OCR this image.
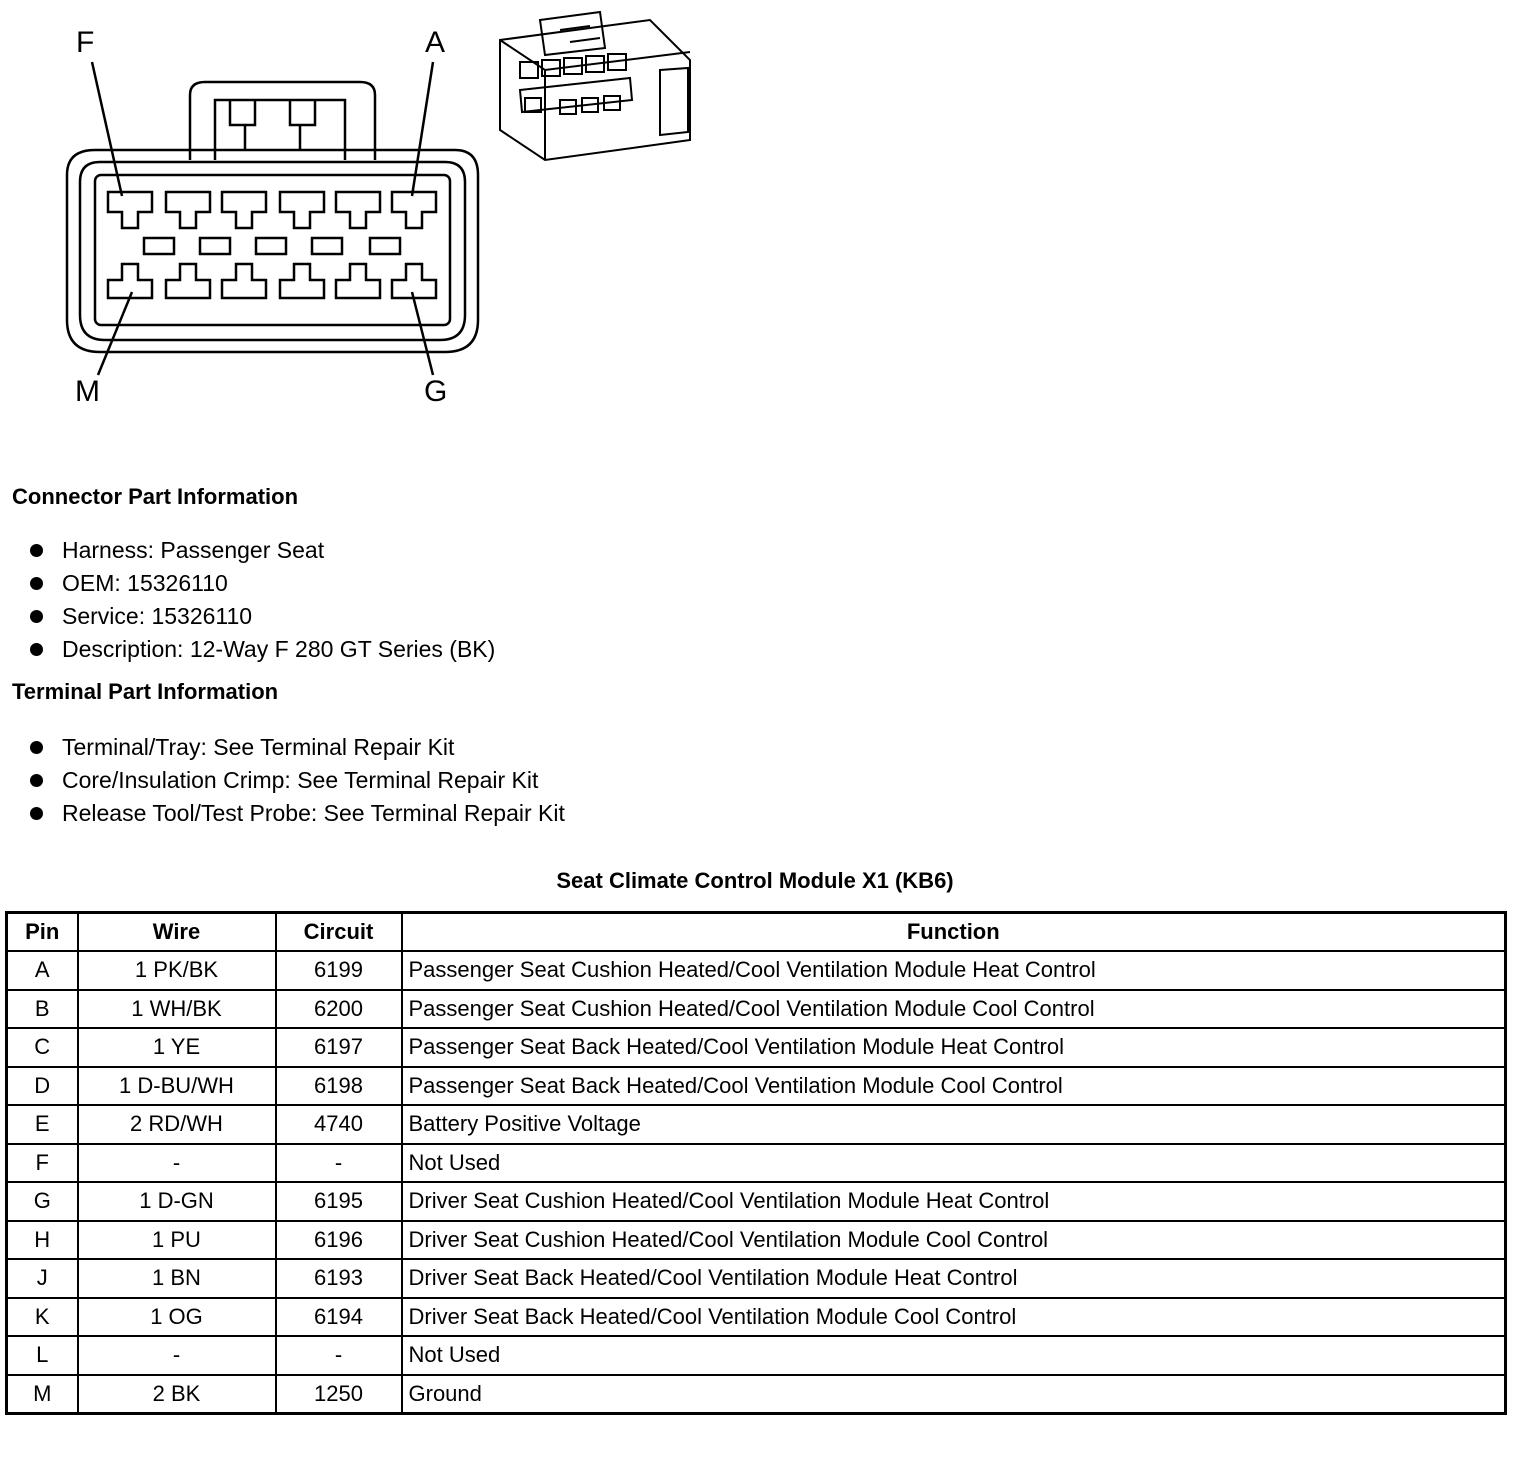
F	A
M	G
Connector Part Information
Harness: Passenger Seat
OEM: 15326110
Service: 15326110
Description: 12-Way F 280 GT Series (BK)
Terminal Part Information
Terminal/Tray: See Terminal Repair Kit
Core/Insulation Crimp: See Terminal Repair Kit
Release Tool/Test Probe: See Terminal Repair Kit
Seat Climate Control Module X1 (KB6)
Pin	Wire	Circuit	Function
A	1 PK/BK	6199	Passenger Seat Cushion Heated/Cool Ventilation Module Heat Control
B	1 WH/BK	6200	Passenger Seat Cushion Heated/Cool Ventilation Module Cool Control
C	1 YE	6197	Passenger Seat Back Heated/Cool Ventilation Module Heat Control
D	1 D-BU/WH	6198	Passenger Seat Back Heated/Cool Ventilation Module Cool Control
E	2 RD/WH	4740	Battery Positive Voltage
F	-	-	Not Used
G	1 D-GN	6195	Driver Seat Cushion Heated/Cool Ventilation Module Heat Control
H	1 PU	6196	Driver Seat Cushion Heated/Cool Ventilation Module Cool Control
J	1 BN	6193	Driver Seat Back Heated/Cool Ventilation Module Heat Control
K	1 OG	6194	Driver Seat Back Heated/Cool Ventilation Module Cool Control
L	-	-	Not Used
M	2 BK	1250	Ground
